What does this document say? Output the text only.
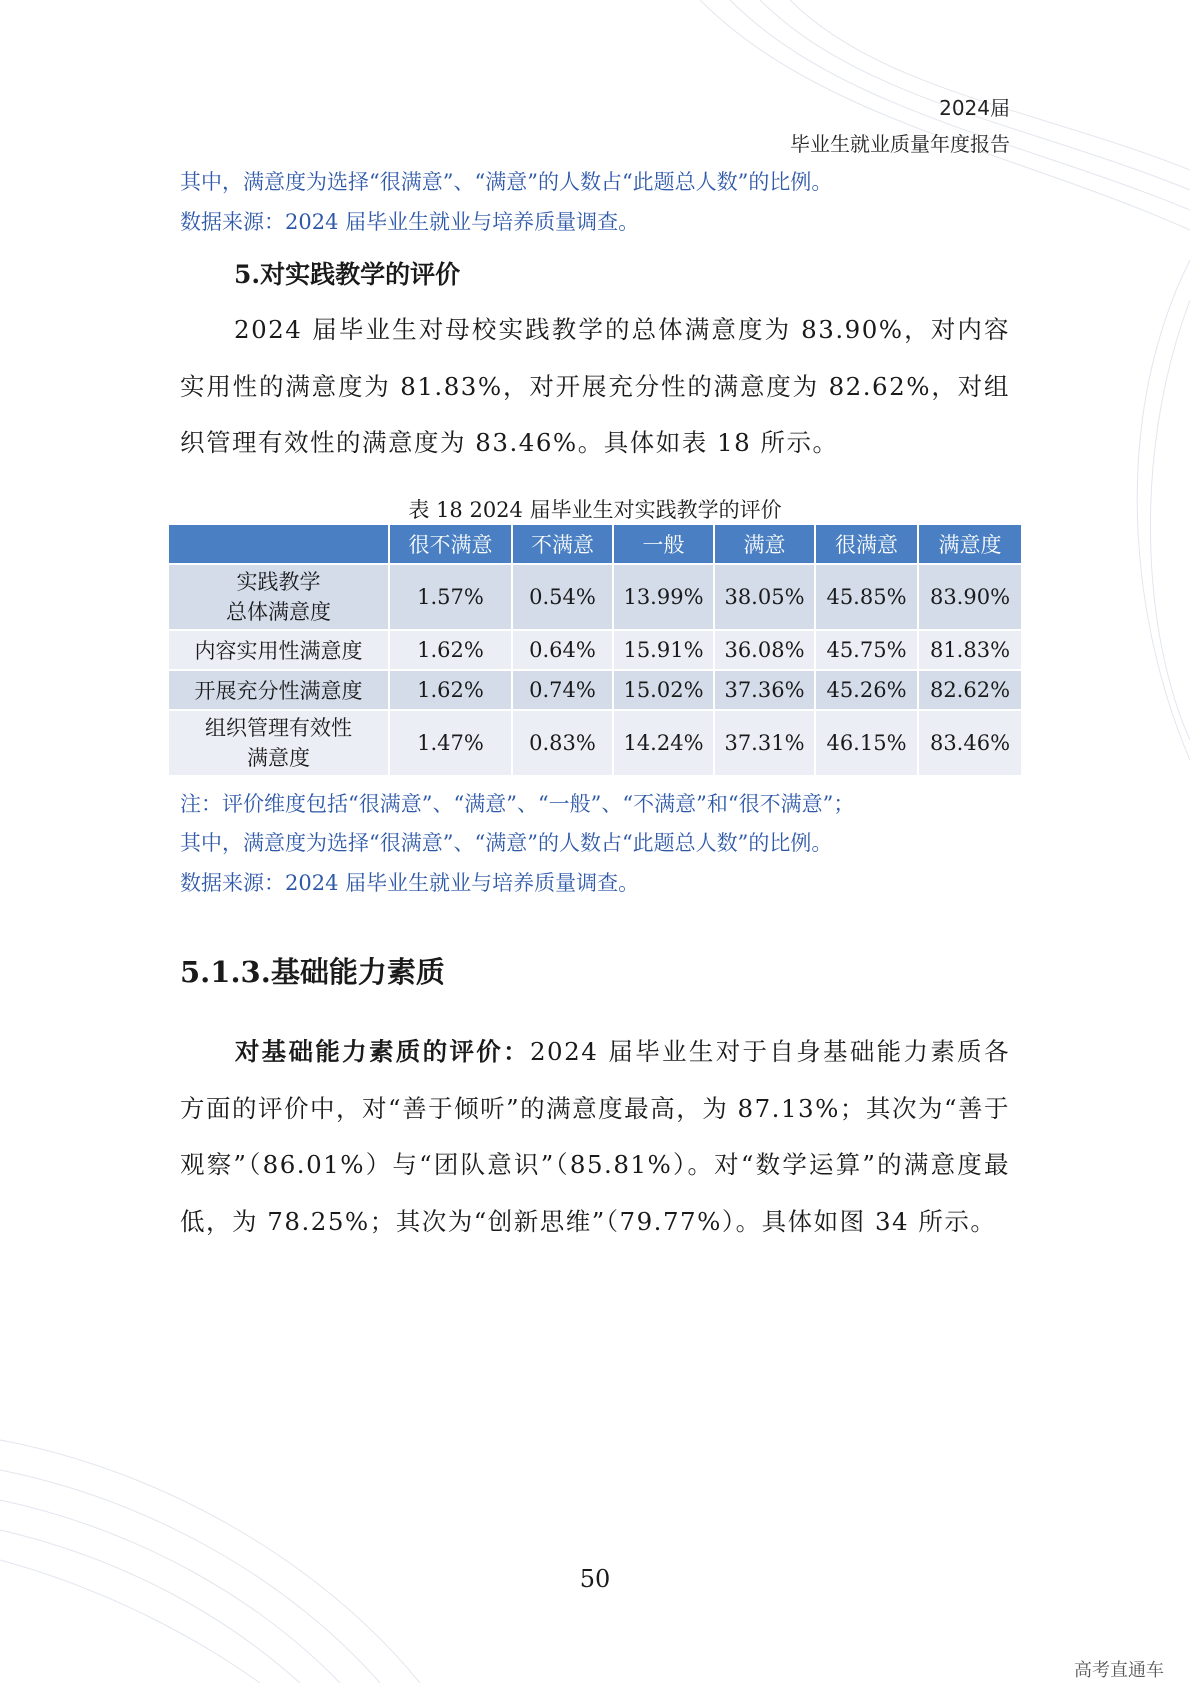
2024届
毕业生就业质量年度报告
其中，满意度为选择“很满意”、“满意”的人数占“此题总人数”的比例。
数据来源：2024 届毕业生就业与培养质量调查。
5.对实践教学的评价
2024 届毕业生对母校实践教学的总体满意度为 83.90%，对内容实用性的满意度为 81.83%，对开展充分性的满意度为 82.62%，对组织管理有效性的满意度为 83.46%。具体如表 18 所示。
表 18 2024 届毕业生对实践教学的评价
	很不满意	不满意	一般	满意	很满意	满意度

实践教学
总体满意度	1.57%	0.54%	13.99%	38.05%	45.85%	83.90%
内容实用性满意度	1.62%	0.64%	15.91%	36.08%	45.75%	81.83%
开展充分性满意度	1.62%	0.74%	15.02%	37.36%	45.26%	82.62%

组织管理有效性
满意度	1.47%	0.83%	14.24%	37.31%	46.15%	83.46%
注：评价维度包括“很满意”、“满意”、“一般”、“不满意”和“很不满意”；
其中，满意度为选择“很满意”、“满意”的人数占“此题总人数”的比例。
数据来源：2024 届毕业生就业与培养质量调查。
5.1.3.基础能力素质
对基础能力素质的评价：2024 届毕业生对于自身基础能力素质各方面的评价中，对“善于倾听”的满意度最高，为 87.13%；其次为“善于观察”（86.01%）与“团队意识”（85.81%）。对“数学运算”的满意度最低，为 78.25%；其次为“创新思维”（79.77%）。具体如图 34 所示。
50
高考直通车
